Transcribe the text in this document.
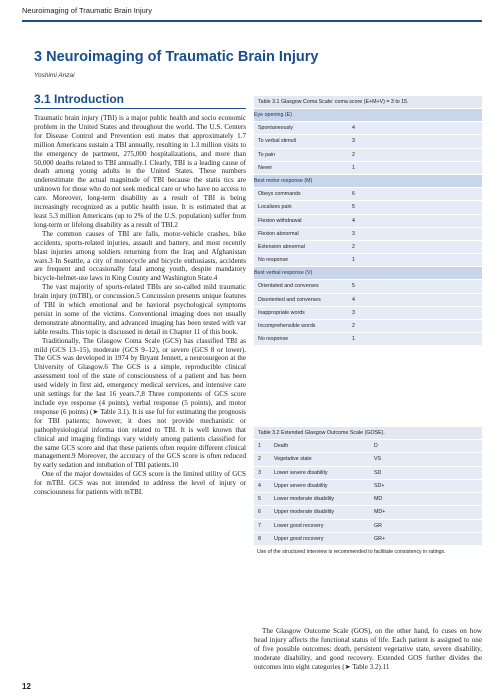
Neuroimaging of Traumatic Brain Injury
3 Neuroimaging of Traumatic Brain Injury
Yoshimi Anzai
3.1 Introduction

Traumatic brain injury (TBI) is a major public health and socio economic problem in the United States and throughout the world. The U.S. Centers for Disease Control and Prevention esti mates that approximately 1.7 million Americans sustain a TBI annually, resulting in 1.3 million visits to the emergency de partment, 275,000 hospitalizations, and more than 50,000 deaths related to TBI annually.1 Clearly, TBI is a leading cause of death among young adults in the United States. These numbers underestimate the actual magnitude of TBI because the statis tics are unknown for those who do not seek medical care or who have no access to care. Moreover, long-term disability as a result of TBI is being increasingly recognized as a public health issue. It is estimated that at least 5.3 million Americans (up to 2% of the U.S. population) suffer from long-term or lifelong disability as a result of TBI.2

The common causes of TBI are falls, motor-vehicle crashes, bike accidents, sports-related injuries, assault and battery, and most recently blast injuries among soldiers returning from the Iraq and Afghanistan wars.3 In Seattle, a city of motorcycle and bicycle enthusiasts, accidents are frequent and occasionally fatal among youth, despite mandatory bicycle-helmet-use laws in King County and Washington State.4

The vast majority of sports-related TBIs are so-called mild traumatic brain injury (mTBI), or concussion.5 Concussion presents unique features of TBI in which emotional and be havioral psychological symptoms persist in some of the victims. Conventional imaging does not usually demonstrate abnormality, and advanced imaging has been tested with var iable results. This topic is discussed in detail in Chapter 11 of this book.

Traditionally, The Glasgow Coma Scale (GCS) has classified TBI as mild (GCS 13–15), moderate (GCS 9–12), or severe (GCS 8 or lower). The GCS was developed in 1974 by Bryant Jennett, a neurosurgeon at the University of Glasgow.6 The GCS is a simple, reproducible clinical assessment tool of the state of consciousness of a patient and has been used widely in first aid, emergency medical services, and intensive care unit settings for the last 16 years.7,8 Three components of GCS score include eye response (4 points), verbal response (5 points), and motor response (6 points) (➤ Table 3.1). It is use ful for estimating the prognosis for TBI patients; however, it does not provide mechanistic or pathophysiological informa tion related to TBI. It is well known that clinical and imaging findings vary widely among patients classified for the same GCS score and that these patients often require different clinical management.9 Moreover, the accuracy of the GCS score is often reduced by early sedation and intubation of TBI patients.10

One of the major downsides of GCS score is the limited utility of GCS for mTBI. GCS was not intended to address the level of injury or consciousness for patients with mTBI.

Table 3.1 Glasgow Coma Scale: coma score (E+M+V) = 3 to 15.
Eye opening (E)
Spontaneously	4
To verbal stimuli	3
To pain	2
Never	1
Best motor response (M)
Obeys commands	6
Localizes pain	5
Flexion withdrawal	4
Flexion abnormal	3
Extension abnormal	2
No response	1
Best verbal response (V)
Orientated and converses	5
Disoriented and converses	4
Inappropriate words	3
Incomprehensible words	2
No response	1
Table 3.2 Extended Glasgow Outcome Scale (GOSE).
1	Death	D
2	Vegetative state	VS
3	Lower severe disability	SD
4	Upper severe disability	SD+
5	Lower moderate disability	MD
6	Upper moderate disability	MD+
7	Lower good recovery	GR
8	Upper good recovery	GR+
Use of the structured interview is recommended to facilitate consistency in ratings.

The Glasgow Outcome Scale (GOS), on the other hand, fo cuses on how head injury affects the functional status of life. Each patient is assigned to one of five possible outcomes: death, persistent vegetative state, severe disability, moderate disability, and good recovery. Extended GOS further divides the outcomes into eight categories (➤ Table 3.2).11

12
